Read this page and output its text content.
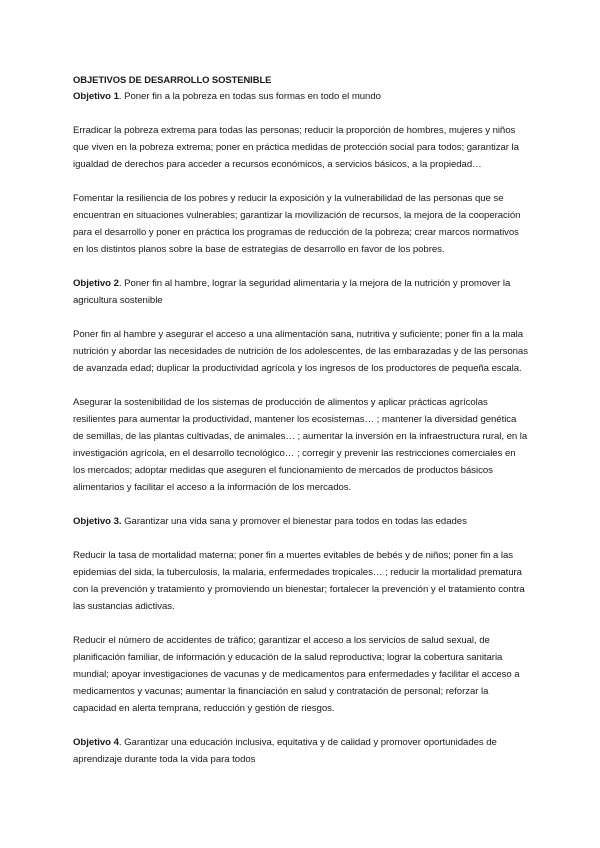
OBJETIVOS DE DESARROLLO SOSTENIBLE

Objetivo 1. Poner fin a la pobreza en todas sus formas en todo el mundo

Erradicar la pobreza extrema para todas las personas; reducir la proporción de hombres, mujeres y niños que viven en la pobreza extrema; poner en práctica medidas de protección social para todos; garantizar la igualdad de derechos para acceder a recursos económicos, a servicios básicos, a la propiedad…

Fomentar la resiliencia de los pobres y reducir la exposición y la vulnerabilidad de las personas que se encuentran en situaciones vulnerables; garantizar la movilización de recursos, la mejora de la cooperación para el desarrollo y poner en práctica los programas de reducción de la pobreza; crear marcos normativos en los distintos planos sobre la base de estrategias de desarrollo en favor de los pobres.

Objetivo 2. Poner fin al hambre, lograr la seguridad alimentaria y la mejora de la nutrición y promover la agricultura sostenible

Poner fin al hambre y asegurar el acceso a una alimentación sana, nutritiva y suficiente; poner fin a la mala nutrición y abordar las necesidades de nutrición de los adolescentes, de las embarazadas y de las personas de avanzada edad; duplicar la productividad agrícola y los ingresos de los productores de pequeña escala.

Asegurar la sostenibilidad de los sistemas de producción de alimentos y aplicar prácticas agrícolas resilientes para aumentar la productividad, mantener los ecosistemas… ; mantener la diversidad genética de semillas, de las plantas cultivadas, de animales… ; aumentar la inversión en la infraestructura rural, en la investigación agrícola, en el desarrollo tecnológico… ; corregir y prevenir las restricciones comerciales en los mercados; adoptar medidas que aseguren el funcionamiento de mercados de productos básicos alimentarios y facilitar el acceso a la información de los mercados.

Objetivo 3. Garantizar una vida sana y promover el bienestar para todos en todas las edades

Reducir la tasa de mortalidad materna; poner fin a muertes evitables de bebés y de niños; poner fin a las epidemias del sida, la tuberculosis, la malaria, enfermedades tropicales… ; reducir la mortalidad prematura con la prevención y tratamiento y promoviendo un bienestar; fortalecer la prevención y el tratamiento contra las sustancias adictivas.

Reducir el número de accidentes de tráfico; garantizar el acceso a los servicios de salud sexual, de planificación familiar, de información y educación de la salud reproductiva; lograr la cobertura sanitaria mundial; apoyar investigaciones de vacunas y de medicamentos para enfermedades y facilitar el acceso a medicamentos y vacunas; aumentar la financiación en salud y contratación de personal; reforzar la capacidad en alerta temprana, reducción y gestión de riesgos.

Objetivo 4. Garantizar una educación inclusiva, equitativa y de calidad y promover oportunidades de aprendizaje durante toda la vida para todos
